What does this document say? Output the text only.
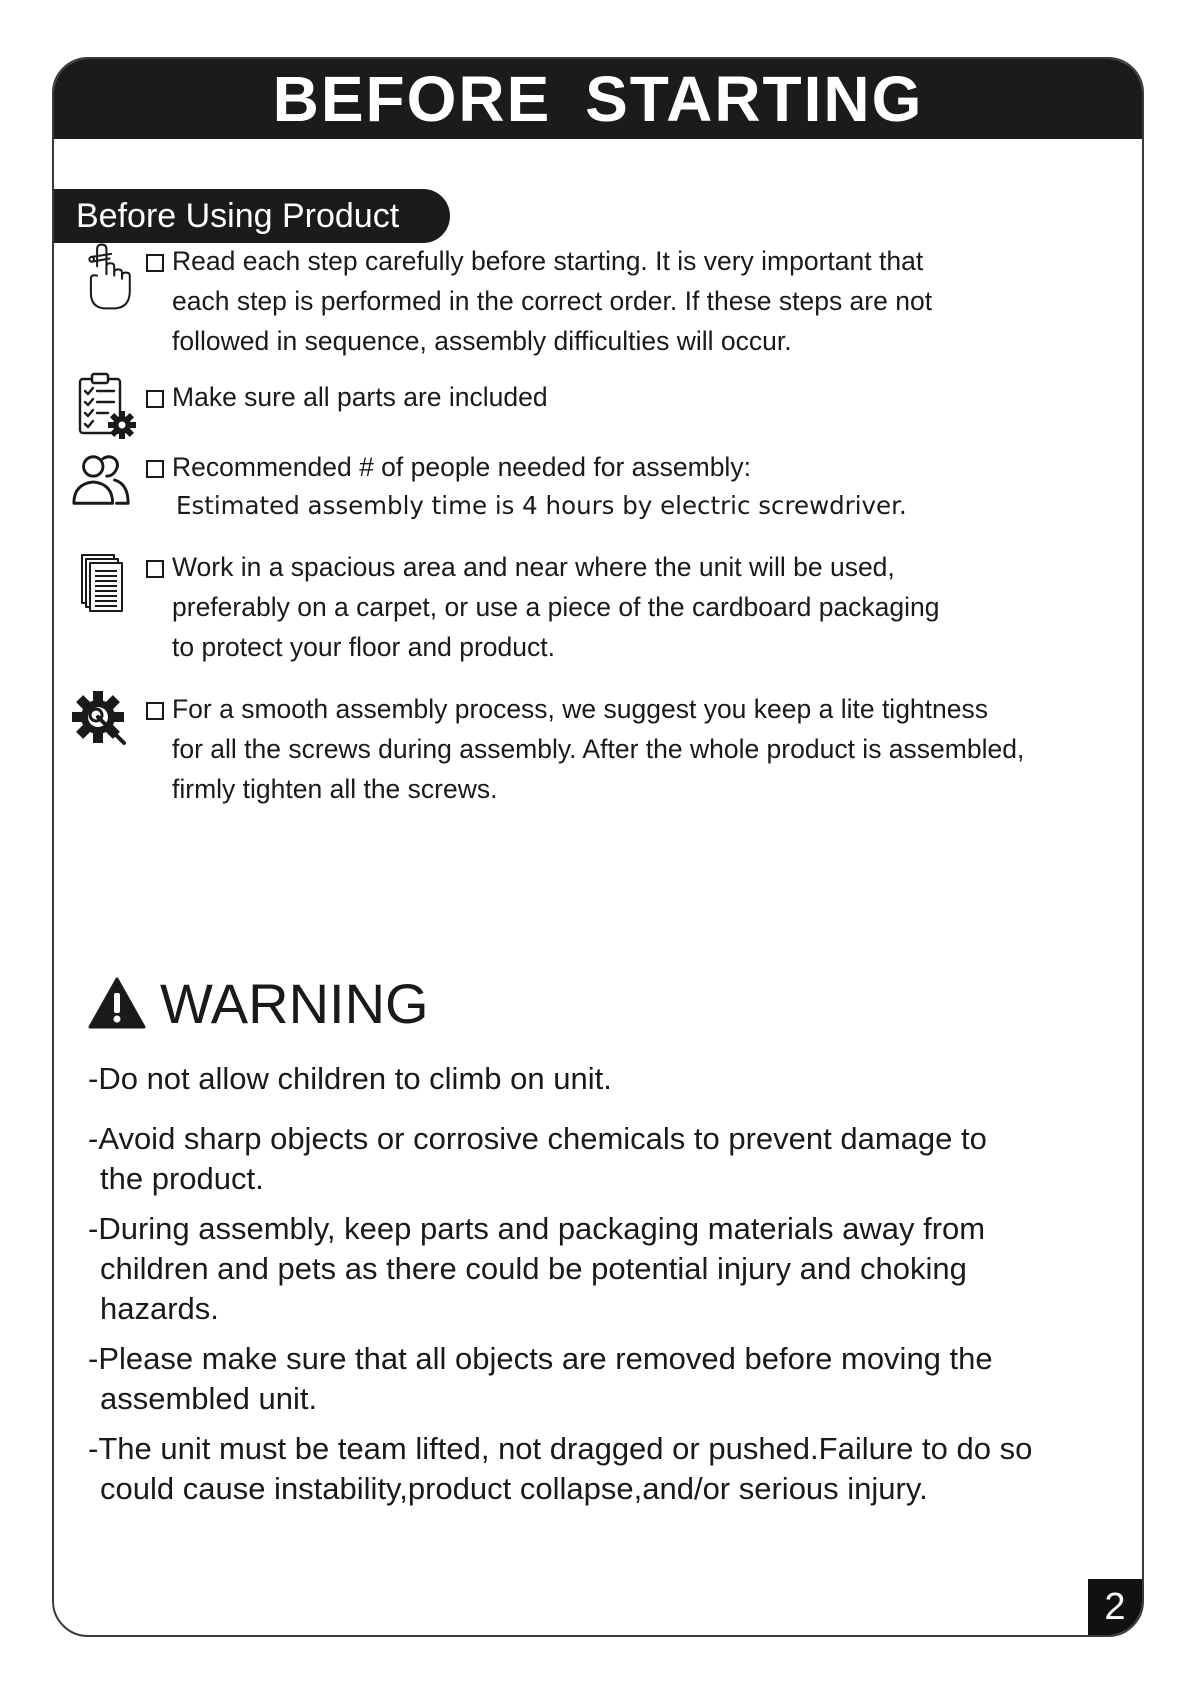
BEFORE STARTING
Before Using Product
Read each step carefully before starting. It is very important that
each step is performed in the correct order. If these steps are not
followed in sequence, assembly difficulties will occur.
Make sure all parts are included
Recommended # of people needed for assembly:
Estimated assembly time is 4 hours by electric screwdriver.
Work in a spacious area and near where the unit will be used,
preferably on a carpet, or use a piece of the cardboard packaging
to protect your floor and product.
For a smooth assembly process, we suggest you keep a lite tightness
for all the screws during assembly. After the whole product is assembled,
firmly tighten all the screws.
WARNING
-Do not allow children to climb on unit.
-Avoid sharp objects or corrosive chemicals to prevent damage to
the product.
-During assembly, keep parts and packaging materials away from
children and pets as there could be potential injury and choking
hazards.
-Please make sure that all objects are removed before moving the
assembled unit.
-The unit must be team lifted, not dragged or pushed.Failure to do so
could cause instability,product collapse,and/or serious injury.
2
